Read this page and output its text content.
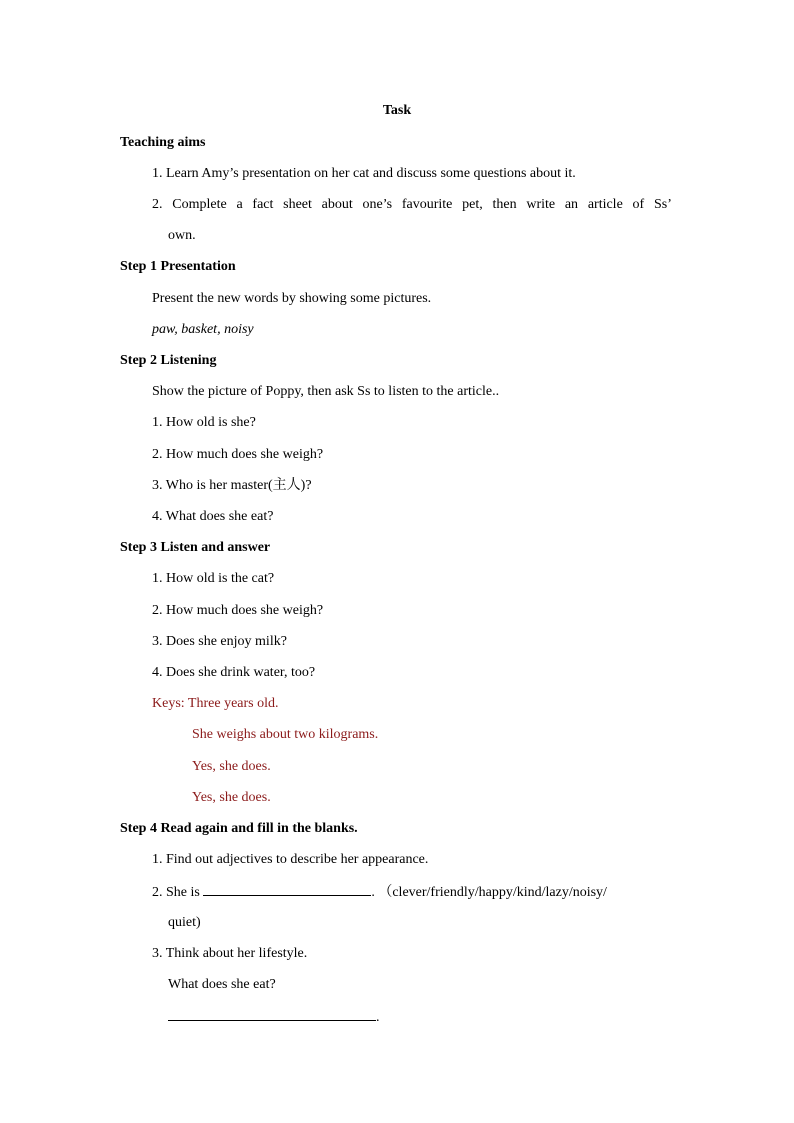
Task
Teaching aims
1. Learn Amy’s presentation on her cat and discuss some questions about it.
2. Complete a fact sheet about one’s favourite pet, then write an article of Ss’
own.
Step 1 Presentation
Present the new words by showing some pictures.
paw, basket, noisy
Step 2 Listening
Show the picture of Poppy, then ask Ss to listen to the article..
1. How old is she?
2. How much does she weigh?
3. Who is her master(主人)?
4. What does she eat?
Step 3 Listen and answer
1. How old is the cat?
2. How much does she weigh?
3. Does she enjoy milk?
4. Does she drink water, too?
Keys: Three years old.
She weighs about two kilograms.
Yes, she does.
Yes, she does.
Step 4 Read again and fill in the blanks.
1. Find out adjectives to describe her appearance.
2. She is	. （clever/friendly/happy/kind/lazy/noisy/
quiet)
3. Think about her lifestyle.
What does she eat?
.
